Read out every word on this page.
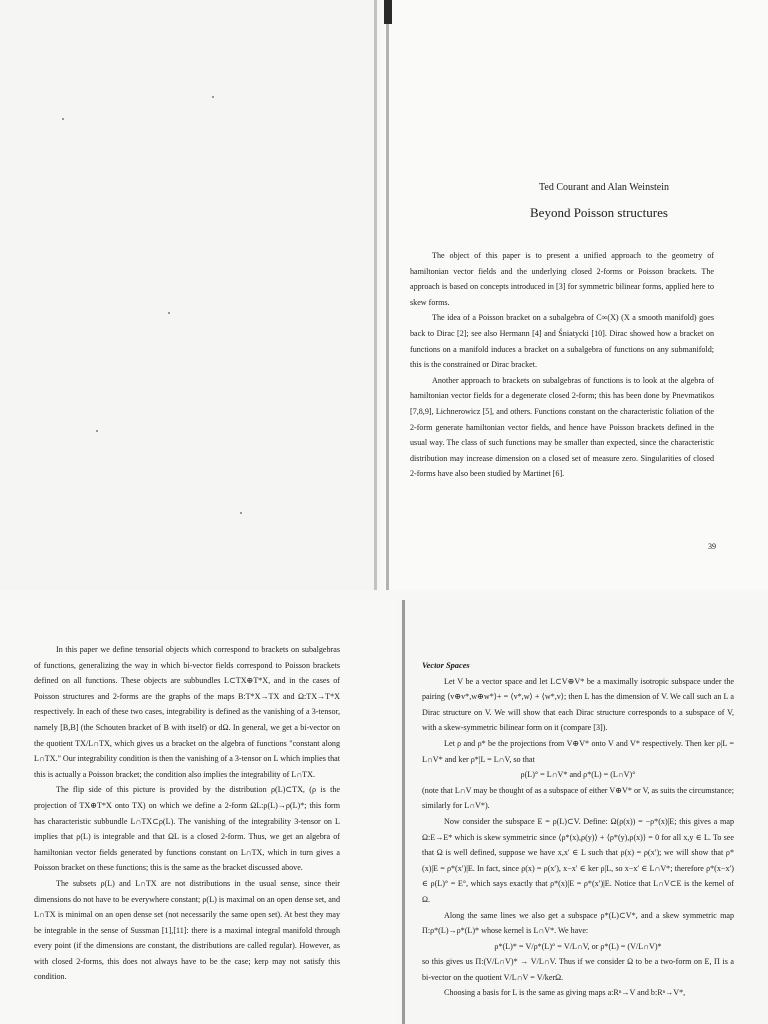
Ted Courant and Alan Weinstein
Beyond Poisson structures

The object of this paper is to present a unified approach to the geometry of hamiltonian vector fields and the underlying closed 2-forms or Poisson brackets. The approach is based on concepts introduced in [3] for symmetric bilinear forms, applied here to skew forms.

The idea of a Poisson bracket on a subalgebra of C∞(X) (X a smooth manifold) goes back to Dirac [2]; see also Hermann [4] and Śniatycki [10]. Dirac showed how a bracket on functions on a manifold induces a bracket on a subalgebra of functions on any submanifold; this is the constrained or Dirac bracket.

Another approach to brackets on subalgebras of functions is to look at the algebra of hamiltonian vector fields for a degenerate closed 2-form; this has been done by Pnevmatikos [7,8,9], Lichnerowicz [5], and others. Functions constant on the characteristic foliation of the 2-form generate hamiltonian vector fields, and hence have Poisson brackets defined in the usual way. The class of such functions may be smaller than expected, since the characteristic distribution may increase dimension on a closed set of measure zero. Singularities of closed 2-forms have also been studied by Martinet [6].

39

In this paper we define tensorial objects which correspond to brackets on subalgebras of functions, generalizing the way in which bi-vector fields correspond to Poisson brackets defined on all functions. These objects are subbundles L⊂TX⊕T*X, and in the cases of Poisson structures and 2-forms are the graphs of the maps B:T*X→TX and Ω:TX→T*X respectively. In each of these two cases, integrability is defined as the vanishing of a 3-tensor, namely [B,B] (the Schouten bracket of B with itself) or dΩ. In general, we get a bi-vector on the quotient TX/L∩TX, which gives us a bracket on the algebra of functions "constant along L∩TX." Our integrability condition is then the vanishing of a 3-tensor on L which implies that this is actually a Poisson bracket; the condition also implies the integrability of L∩TX.

The flip side of this picture is provided by the distribution ρ(L)⊂TX, (ρ is the projection of TX⊕T*X onto TX) on which we define a 2-form ΩL:ρ(L)→ρ(L)*; this form has characteristic subbundle L∩TX⊂ρ(L). The vanishing of the integrability 3-tensor on L implies that ρ(L) is integrable and that ΩL is a closed 2-form. Thus, we get an algebra of hamiltonian vector fields generated by functions constant on L∩TX, which in turn gives a Poisson bracket on these functions; this is the same as the bracket discussed above.

The subsets ρ(L) and L∩TX are not distributions in the usual sense, since their dimensions do not have to be everywhere constant; ρ(L) is maximal on an open dense set, and L∩TX is minimal on an open dense set (not necessarily the same open set). At best they may be integrable in the sense of Sussman [1],[11]: there is a maximal integral manifold through every point (if the dimensions are constant, the distributions are called regular). However, as with closed 2-forms, this does not always have to be the case; kerρ may not satisfy this condition.

Vector Spaces

Let V be a vector space and let L⊂V⊕V* be a maximally isotropic subspace under the pairing ⟨v⊕v*,w⊕w*⟩+ = ⟨v*,w⟩ + ⟨w*,v⟩; then L has the dimension of V. We call such an L a Dirac structure on V. We will show that each Dirac structure corresponds to a subspace of V, with a skew-symmetric bilinear form on it (compare [3]).

Let ρ and ρ* be the projections from V⊕V* onto V and V* respectively. Then ker ρ|L = L∩V* and ker ρ*|L = L∩V, so that

ρ(L)° = L∩V* and ρ*(L) = (L∩V)°

(note that L∩V may be thought of as a subspace of either V⊕V* or V, as suits the circumstance; similarly for L∩V*).

Now consider the subspace E = ρ(L)⊂V. Define: Ω(ρ(x)) = −ρ*(x)|E; this gives a map Ω:E→E* which is skew symmetric since ⟨ρ*(x),ρ(y)⟩ + ⟨ρ*(y),ρ(x)⟩ = 0 for all x,y ∈ L. To see that Ω is well defined, suppose we have x,x′ ∈ L such that ρ(x) = ρ(x′); we will show that ρ*(x)|E = ρ*(x′)|E. In fact, since ρ(x) = ρ(x′), x−x′ ∈ ker ρ|L, so x−x′ ∈ L∩V*; therefore ρ*(x−x′) ∈ ρ(L)° = E°, which says exactly that ρ*(x)|E = ρ*(x′)|E. Notice that L∩V⊂E is the kernel of Ω.

Along the same lines we also get a subspace ρ*(L)⊂V*, and a skew symmetric map Π:ρ*(L)→ρ*(L)* whose kernel is L∩V*. We have:

ρ*(L)* = V/ρ*(L)° = V/L∩V, or ρ*(L) = (V/L∩V)*

so this gives us Π:(V/L∩V)* → V/L∩V. Thus if we consider Ω to be a two-form on E, Π is a bi-vector on the quotient V/L∩V = V/kerΩ.

Choosing a basis for L is the same as giving maps a:Rⁿ→V and b:Rⁿ→V*,
